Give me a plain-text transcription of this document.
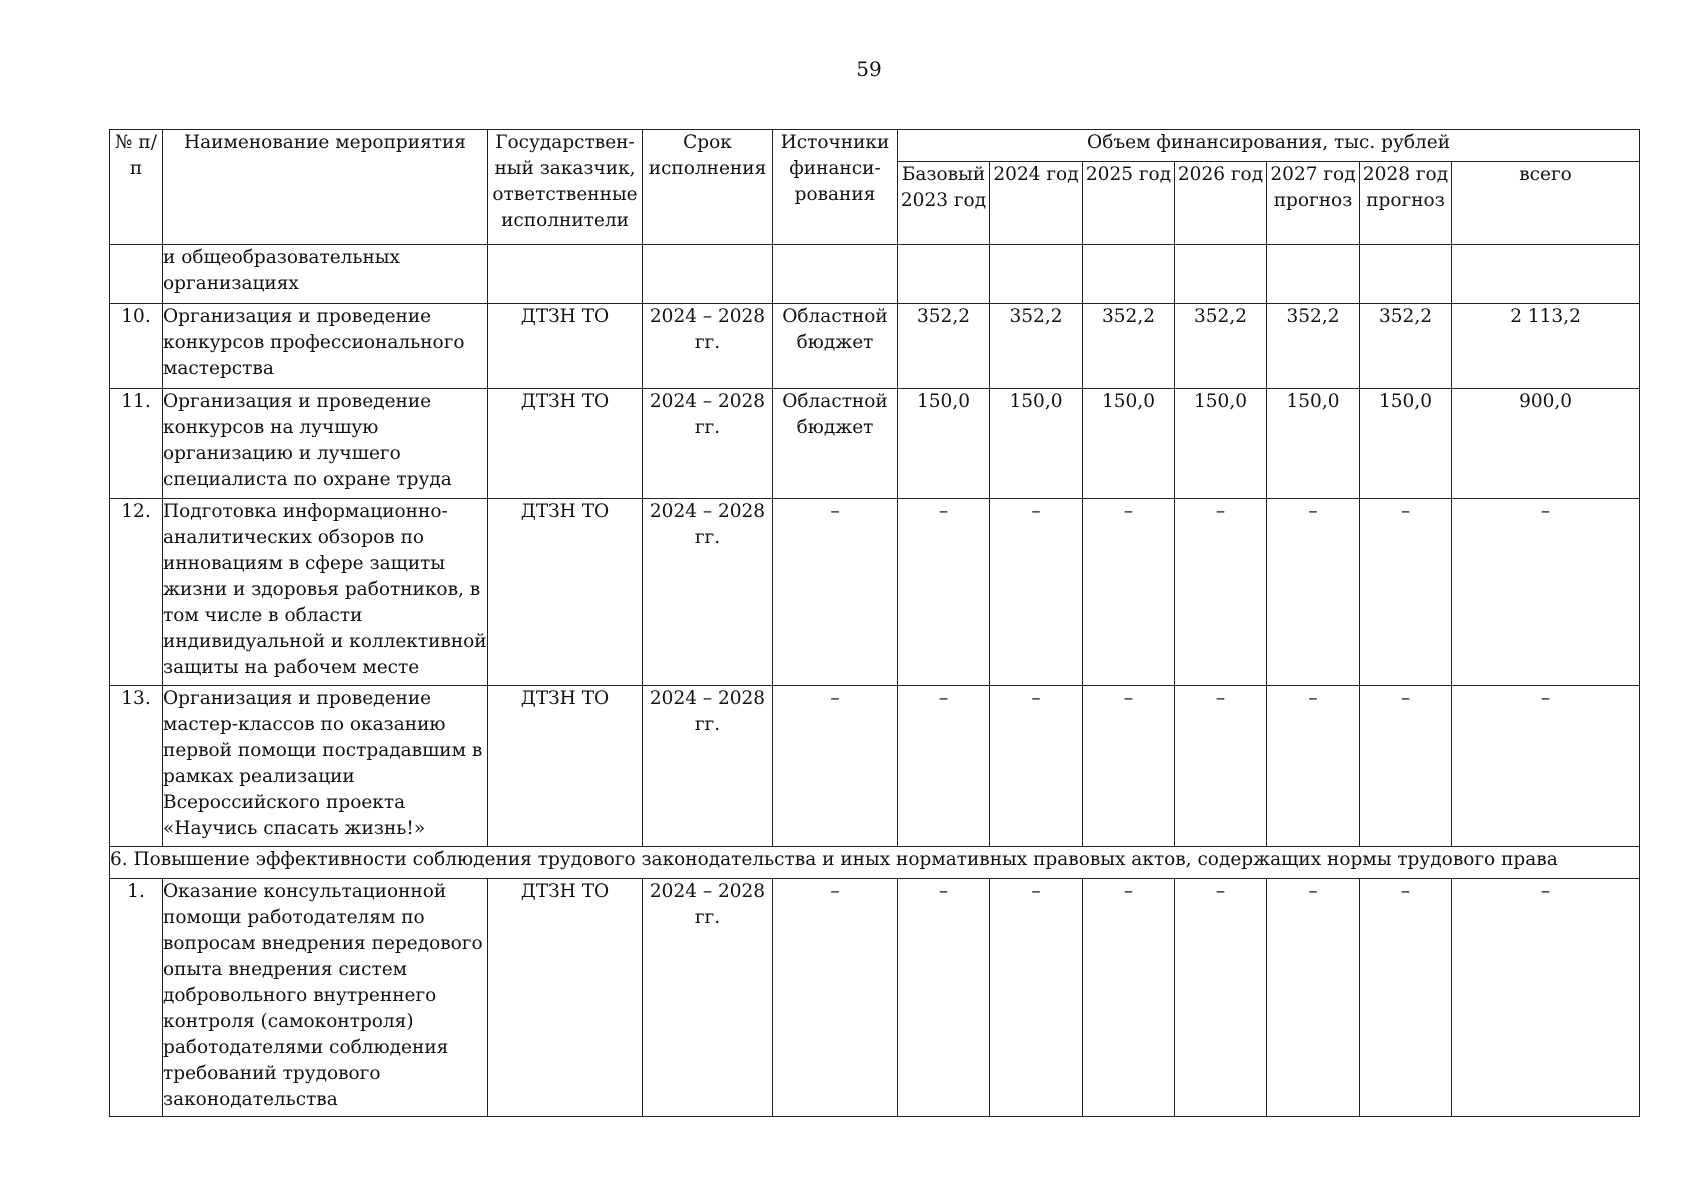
59
№ п/п	Наименование мероприятия	Государствен-ный заказчик, ответственные исполнители	Срок исполнения	Источники финанси-рования	Объем финансирования, тыс. рублей						
					Базовый 2023 год	2024 год	2025 год	2026 год	2027 год прогноз	2028 год прогноз	всего
	и общеобразовательных организациях										
10.	Организация и проведение конкурсов профессионального мастерства	ДТЗН ТО	2024 – 2028 гг.	Областной бюджет	352,2	352,2	352,2	352,2	352,2	352,2	2 113,2
11.	Организация и проведение конкурсов на лучшую организацию и лучшего специалиста по охране труда	ДТЗН ТО	2024 – 2028 гг.	Областной бюджет	150,0	150,0	150,0	150,0	150,0	150,0	900,0
12.	Подготовка информационно-аналитических обзоров по инновациям в сфере защиты жизни и здоровья работников, в том числе в области индивидуальной и коллективной защиты на рабочем месте	ДТЗН ТО	2024 – 2028 гг.	–	–	–	–	–	–	–	–
13.	Организация и проведение мастер-классов по оказанию первой помощи пострадавшим в рамках реализации Всероссийского проекта «Научись спасать жизнь!»	ДТЗН ТО	2024 – 2028 гг.	–	–	–	–	–	–	–	–
6. Повышение эффективности соблюдения трудового законодательства и иных нормативных правовых актов, содержащих нормы трудового права											
1.	Оказание консультационной помощи работодателям по вопросам внедрения передового опыта внедрения систем добровольного внутреннего контроля (самоконтроля) работодателями соблюдения требований трудового законодательства	ДТЗН ТО	2024 – 2028 гг.	–	–	–	–	–	–	–	–
